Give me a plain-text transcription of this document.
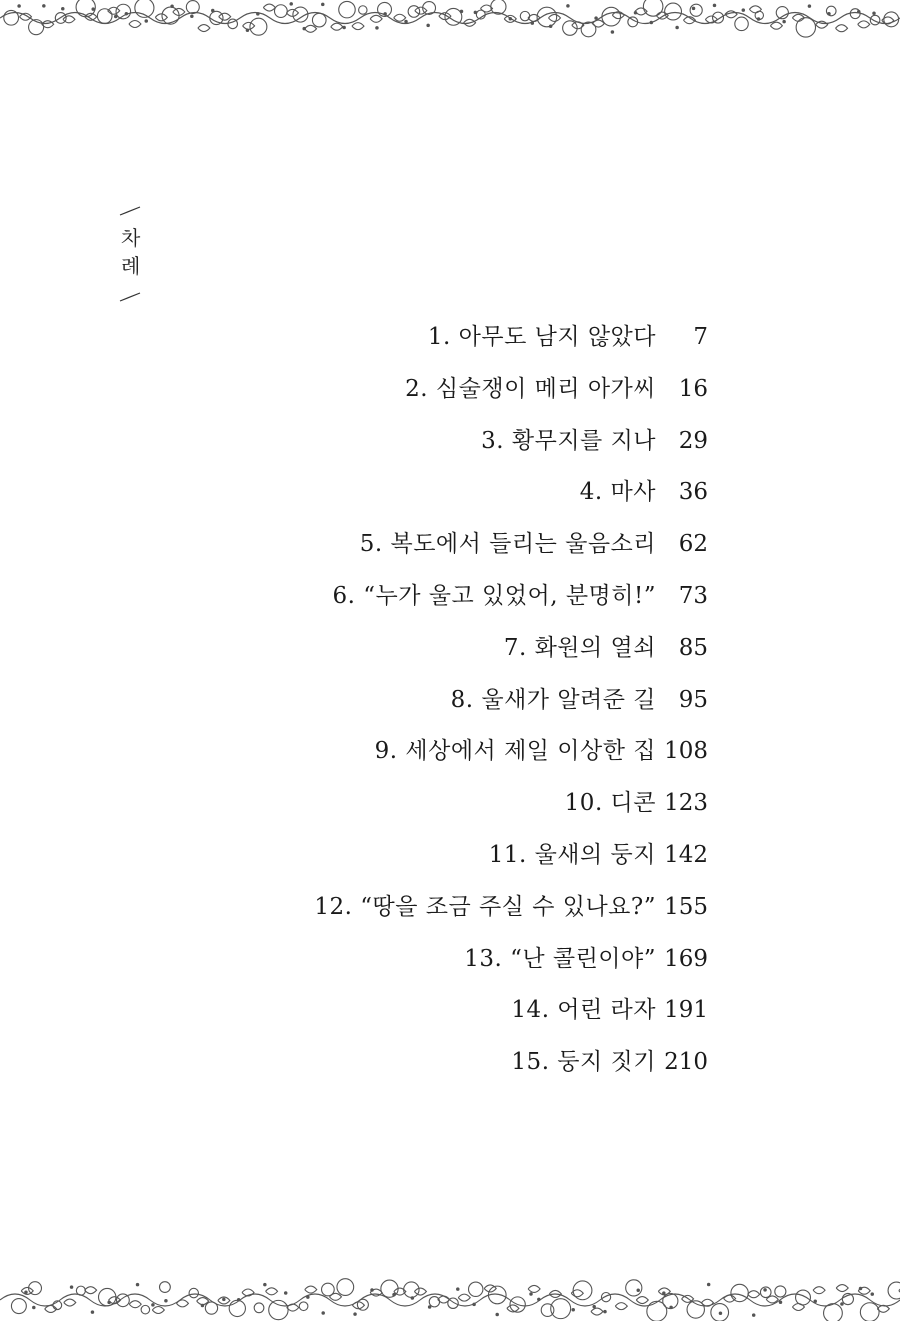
차
례
1. 아무도 남지 않았다 7
2. 심술쟁이 메리 아가씨 16
3. 황무지를 지나 29
4. 마사 36
5. 복도에서 들리는 울음소리 62
6. “누가 울고 있었어, 분명히!” 73
7. 화원의 열쇠 85
8. 울새가 알려준 길 95
9. 세상에서 제일 이상한 집 108
10. 디콘 123
11. 울새의 둥지 142
12. “땅을 조금 주실 수 있나요?” 155
13. “난 콜린이야” 169
14. 어린 라자 191
15. 둥지 짓기 210
